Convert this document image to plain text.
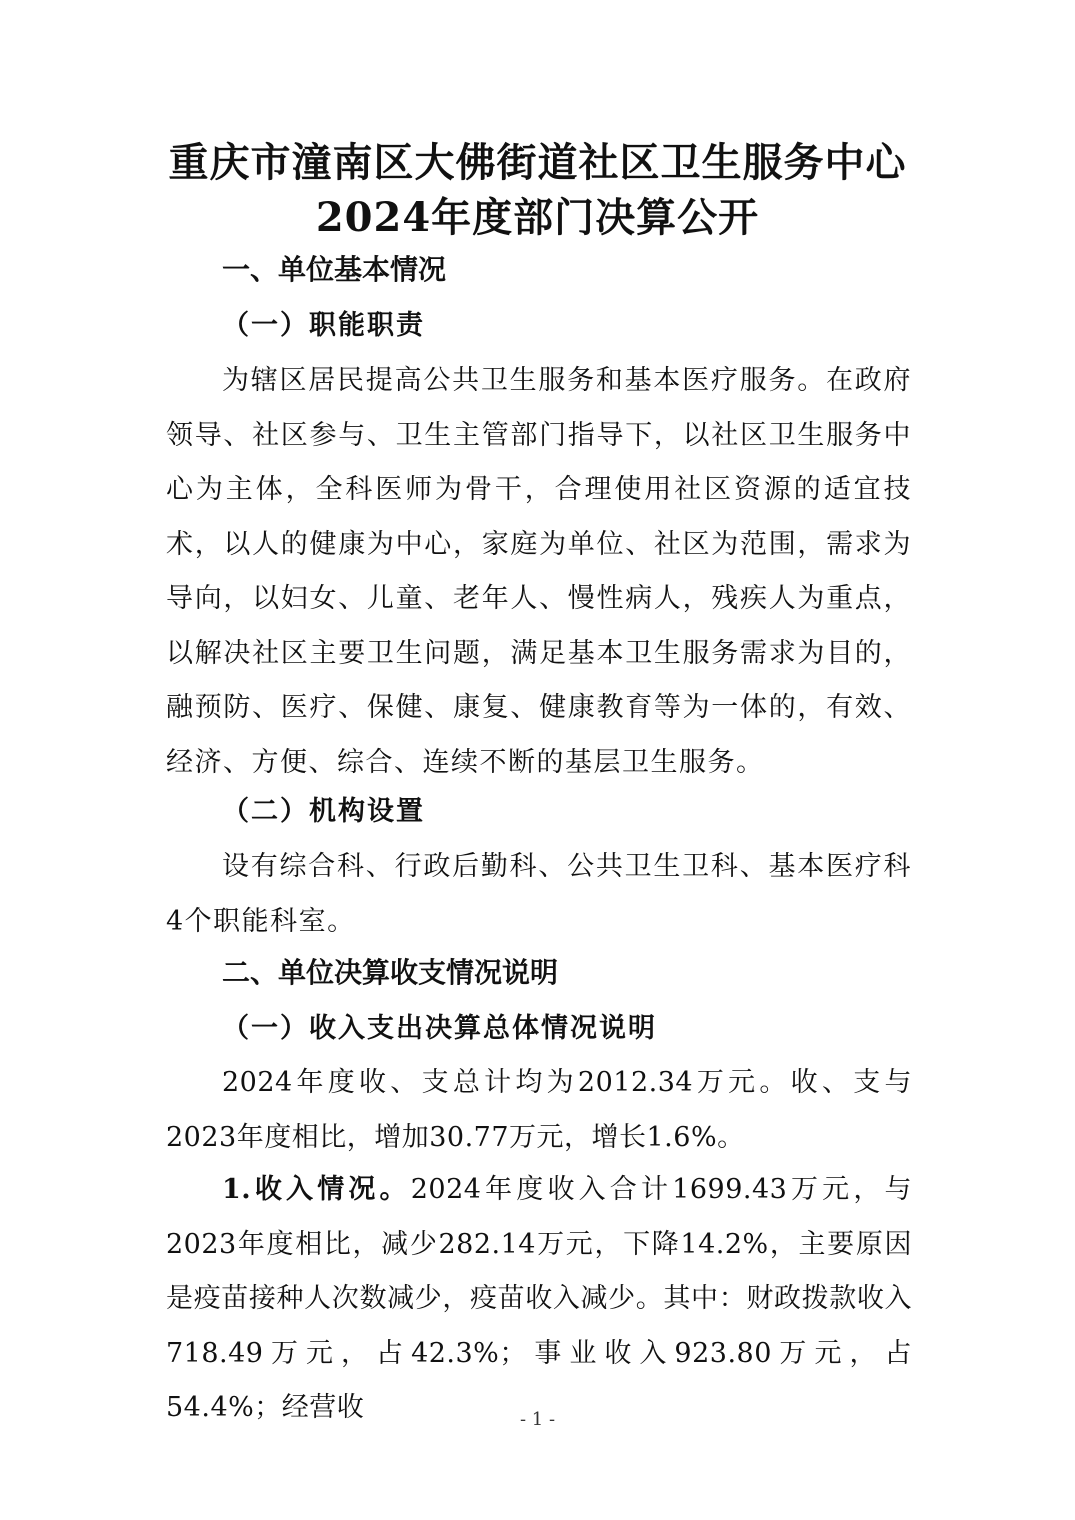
重庆市潼南区大佛街道社区卫生服务中心
2024年度部门决算公开
一、单位基本情况
（一）职能职责

为辖区居民提高公共卫生服务和基本医疗服务。在政府领导、社区参与、卫生主管部门指导下，以社区卫生服务中心为主体，全科医师为骨干，合理使用社区资源的适宜技术，以人的健康为中心，家庭为单位、社区为范围，需求为导向，以妇女、儿童、老年人、慢性病人，残疾人为重点，以解决社区主要卫生问题，满足基本卫生服务需求为目的，融预防、医疗、保健、康复、健康教育等为一体的，有效、经济、方便、综合、连续不断的基层卫生服务。

（二）机构设置

设有综合科、行政后勤科、公共卫生卫科、基本医疗科4个职能科室。

二、单位决算收支情况说明
（一）收入支出决算总体情况说明

2024年度收、支总计均为2012.34万元。收、支与2023年度相比，增加30.77万元，增长1.6%。

1.收入情况。2024年度收入合计1699.43万元，与2023年度相比，减少282.14万元，下降14.2%，主要原因是疫苗接种人次数减少，疫苗收入减少。其中：财政拨款收入718.49万元，占42.3%；事业收入923.80万元，占54.4%；经营收	- 1 -
